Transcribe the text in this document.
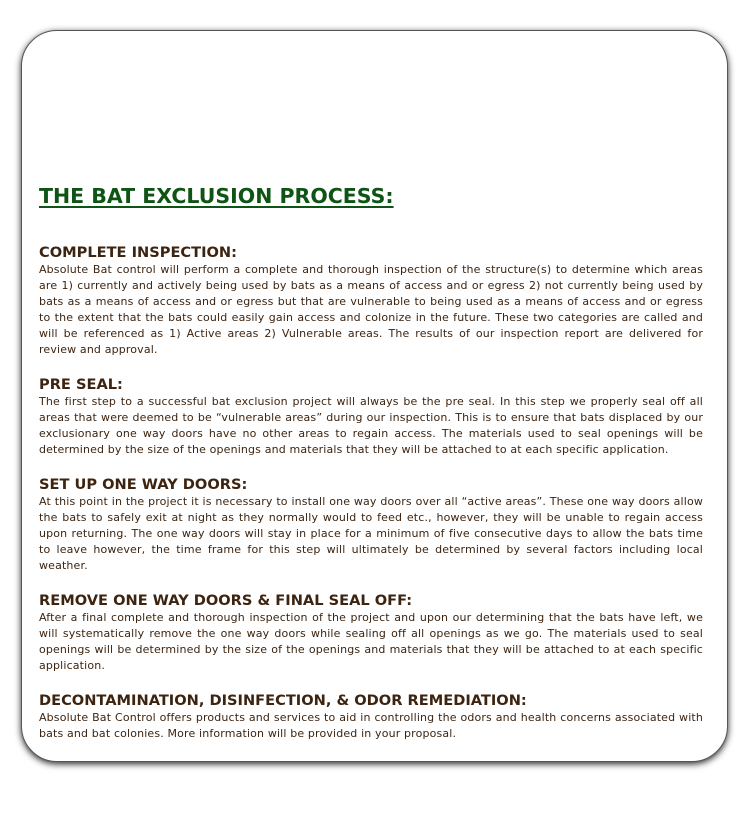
THE BAT EXCLUSION PROCESS:
COMPLETE INSPECTION:

Absolute Bat control will perform a complete and thorough inspection of the structure(s) to determine which areas are 1) currently and actively being used by bats as a means of access and or egress 2) not currently being used by bats as a means of access and or egress but that are vulnerable to being used as a means of access and or egress to the extent that the bats could easily gain access and colonize in the future. These two categories are called and will be referenced as 1) Active areas 2) Vulnerable areas. The results of our inspection report are delivered for review and approval.

PRE SEAL:

The first step to a successful bat exclusion project will always be the pre seal. In this step we properly seal off all areas that were deemed to be “vulnerable areas” during our inspection. This is to ensure that bats displaced by our exclusionary one way doors have no other areas to regain access. The materials used to seal openings will be determined by the size of the openings and materials that they will be attached to at each specific application.

SET UP ONE WAY DOORS:

At this point in the project it is necessary to install one way doors over all “active areas”. These one way doors allow the bats to safely exit at night as they normally would to feed etc., however, they will be unable to regain access upon returning. The one way doors will stay in place for a minimum of five consecutive days to allow the bats time to leave however, the time frame for this step will ultimately be determined by several factors including local weather.

REMOVE ONE WAY DOORS & FINAL SEAL OFF:

After a final complete and thorough inspection of the project and upon our determining that the bats have left, we will systematically remove the one way doors while sealing off all openings as we go. The materials used to seal openings will be determined by the size of the openings and materials that they will be attached to at each specific application.

DECONTAMINATION, DISINFECTION, & ODOR REMEDIATION:

Absolute Bat Control offers products and services to aid in controlling the odors and health concerns associated with bats and bat colonies. More information will be provided in your proposal.
